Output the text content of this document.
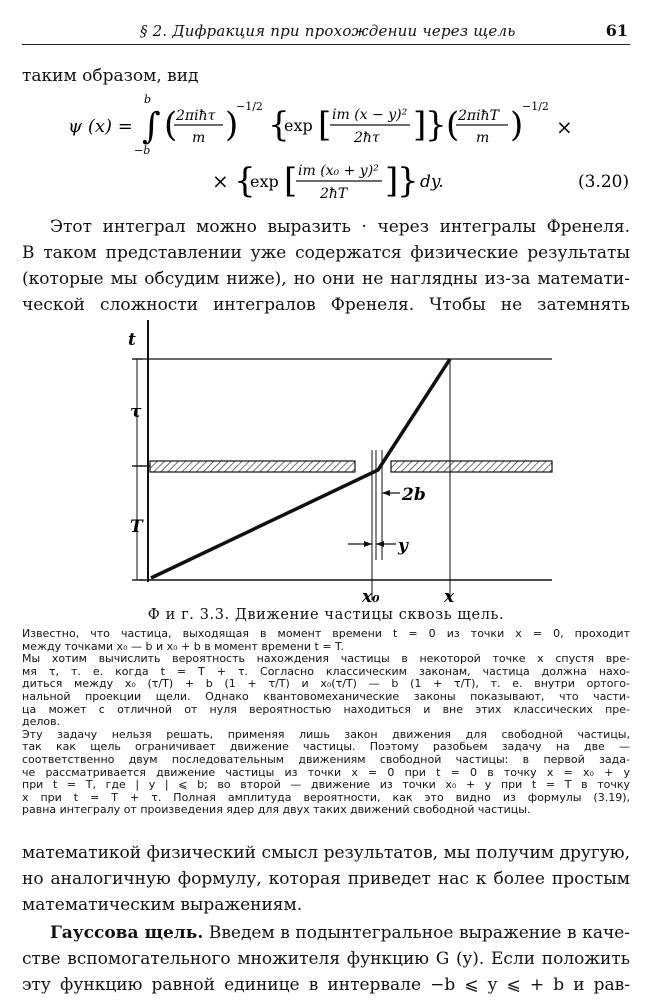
§ 2. Дифракция при прохождении через щель	61
таким образом, вид
ψ (x) = ∫
b
−b
(
2πiħτ
m )
−1/2 {
exp [ im (x − y)²
2ħτ ]
} (
2πiħT
m )
−1/2
×
× {
exp [ im (x₀ + y)²
2ħT ]
} dy.	(3.20)
Этот интеграл можно выразить · через интегралы Френеля.
В таком представлении уже содержатся физические результаты
(которые мы обсудим ниже), но они не наглядны из-за математи-
ческой сложности интегралов Френеля. Чтобы не затемнять
t
τ
T
2b
y
x₀	x
Ф и г. 3.3. Движение частицы сквозь щель.
Известно, что частица, выходящая в момент времени t = 0 из точки x = 0, проходит
между точками x₀ — b и x₀ + b в момент времени t = T.
Мы хотим вычислить вероятность нахождения частицы в некоторой точке x спустя вре-
мя τ, т. е. когда t = T + τ. Согласно классическим законам, частица должна нахо-
диться между x₀ (τ/T) + b (1 + τ/T) и x₀(τ/T) — b (1 + τ/T), т. е. внутри ортого-
нальной проекции щели. Однако квантовомеханические законы показывают, что части-
ца может с отличной от нуля вероятностью находиться и вне этих классических пре-
делов.
Эту задачу нельзя решать, применяя лишь закон движения для свободной частицы,
так как щель ограничивает движение частицы. Поэтому разобьем задачу на две —
соответственно двум последовательным движениям свободной частицы: в первой зада-
че рассматривается движение частицы из точки x = 0 при t = 0 в точку x = x₀ + y
при t = T, где | y | ⩽ b; во второй — движение из точки x₀ + y при t = T в точку
x при t = T + τ. Полная амплитуда вероятности, как это видно из формулы (3.19),
равна интегралу от произведения ядер для двух таких движений свободной частицы.
математикой физический смысл результатов, мы получим другую,
но аналогичную формулу, которая приведет нас к более простым
математическим выражениям.
Гауссова щель. Введем в подынтегральное выражение в каче-
стве вспомогательного множителя функцию G (y). Если положить
эту функцию равной единице в интервале −b ⩽ y ⩽ + b и рав-
